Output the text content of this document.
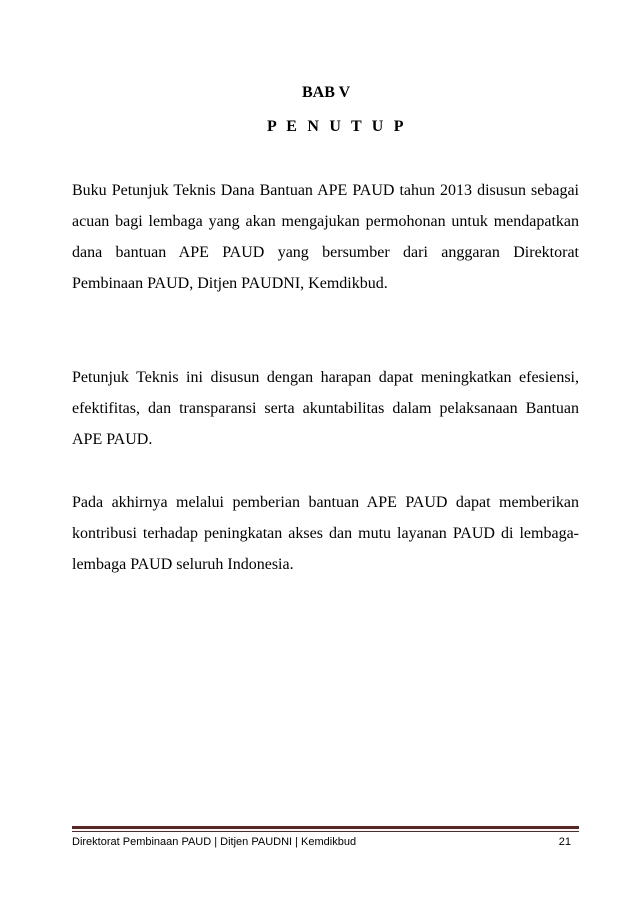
BAB V
P E N U T U P

Buku Petunjuk Teknis Dana Bantuan APE PAUD tahun 2013 disusun sebagai acuan bagi lembaga yang akan mengajukan permohonan untuk mendapatkan dana bantuan APE PAUD yang bersumber dari anggaran Direktorat Pembinaan PAUD, Ditjen PAUDNI, Kemdikbud.

Petunjuk Teknis ini disusun dengan harapan dapat meningkatkan efesiensi, efektifitas, dan transparansi serta akuntabilitas dalam pelaksanaan Bantuan APE PAUD.

Pada akhirnya melalui pemberian bantuan APE PAUD dapat memberikan kontribusi terhadap peningkatan akses dan mutu layanan PAUD di lembaga-lembaga PAUD seluruh Indonesia.

Direktorat Pembinaan PAUD | Ditjen PAUDNI | Kemdikbud	21
